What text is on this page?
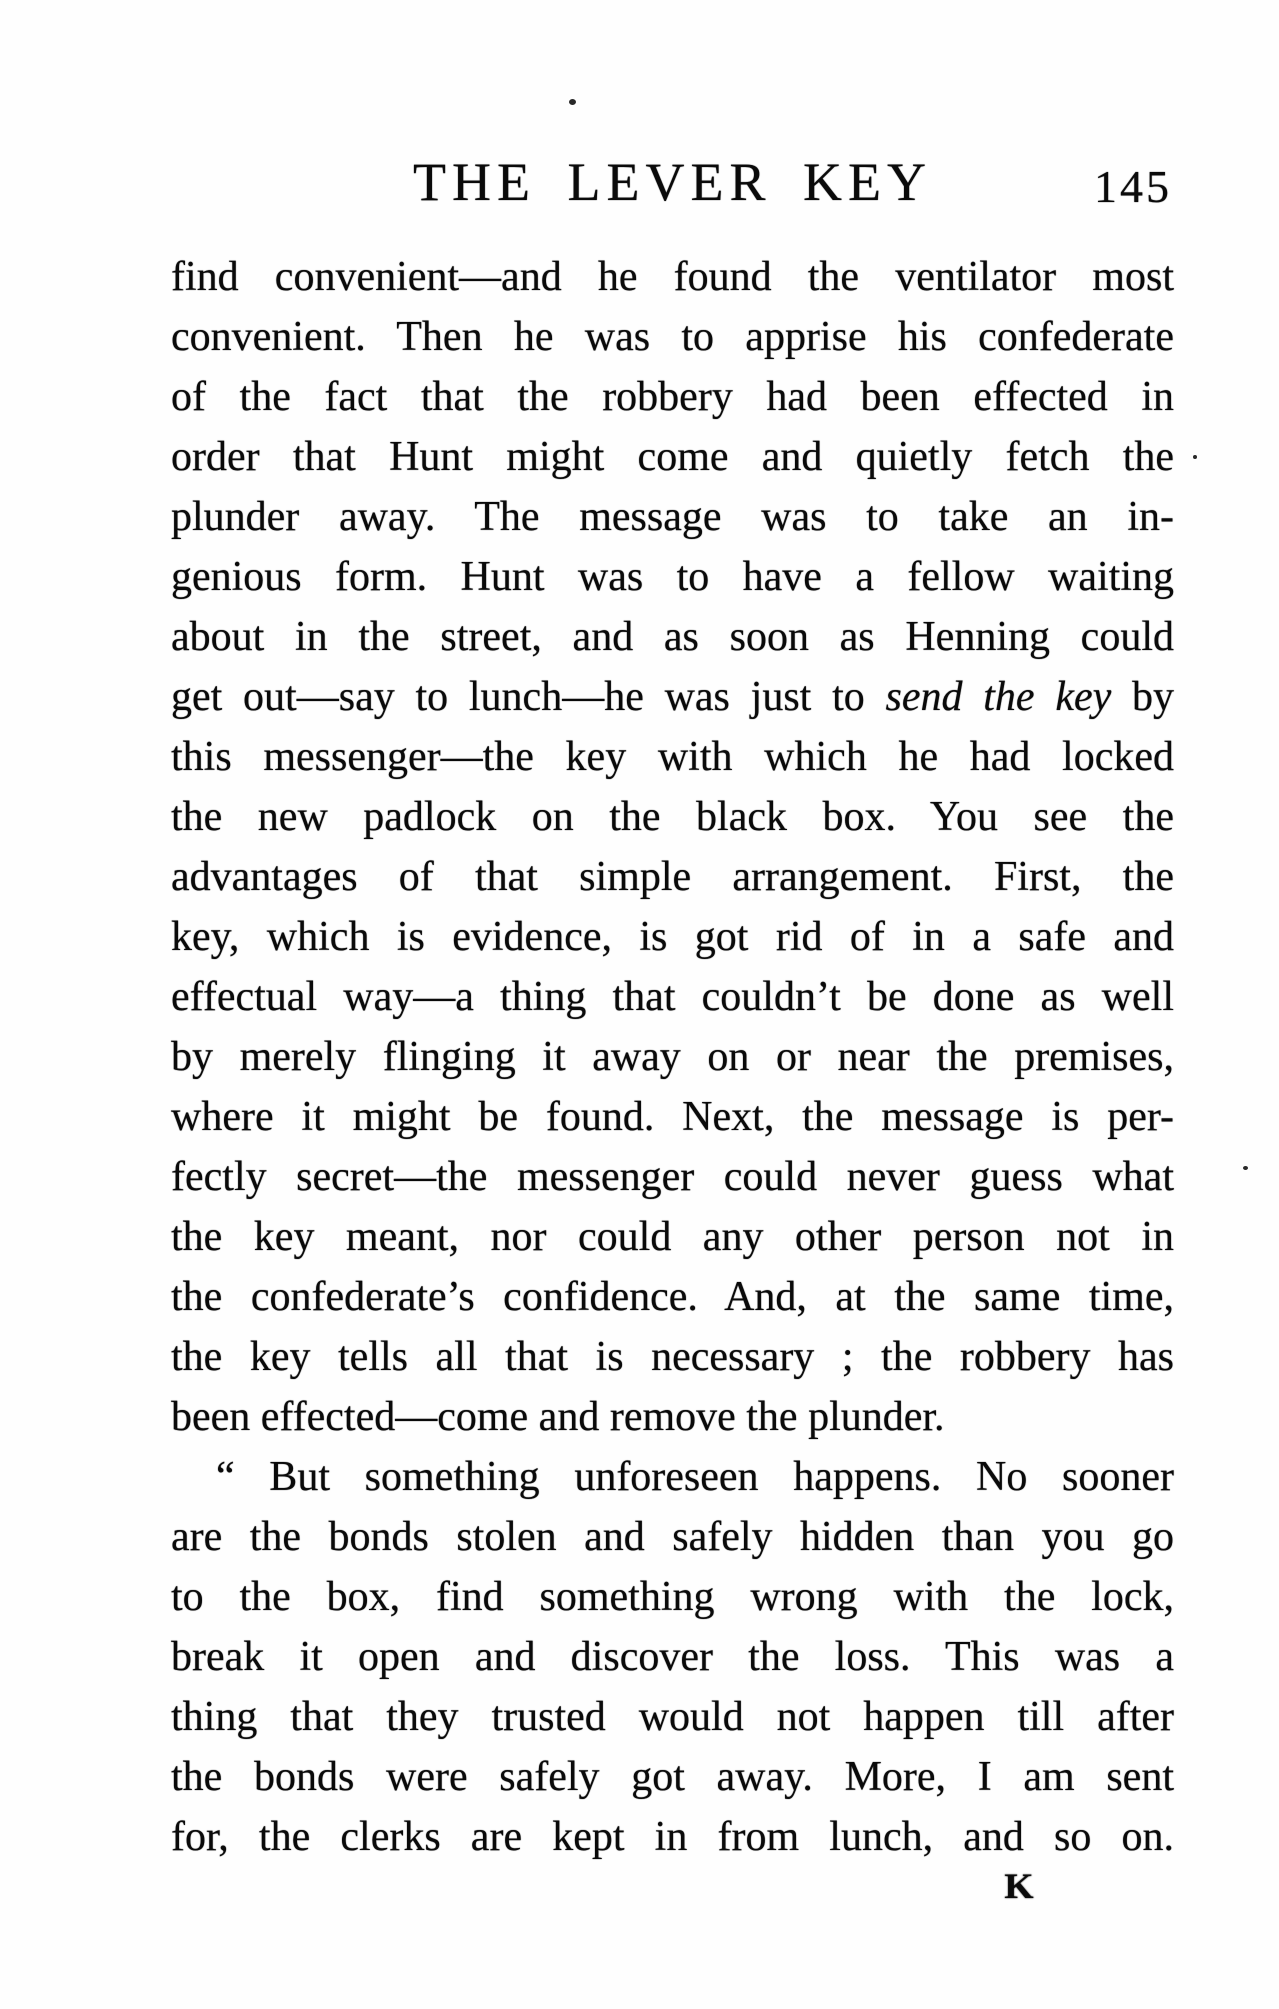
THE LEVER KEY	145
find convenient—and he found the ventilator most
convenient. Then he was to apprise his confederate
of the fact that the robbery had been effected in
order that Hunt might come and quietly fetch the
plunder away. The message was to take an in-
genious form. Hunt was to have a fellow waiting
about in the street, and as soon as Henning could
get out—say to lunch—he was just to send the key by
this messenger—the key with which he had locked
the new padlock on the black box. You see the
advantages of that simple arrangement. First, the
key, which is evidence, is got rid of in a safe and
effectual way—a thing that couldn’t be done as well
by merely flinging it away on or near the premises,
where it might be found. Next, the message is per-
fectly secret—the messenger could never guess what
the key meant, nor could any other person not in
the confederate’s confidence. And, at the same time,
the key tells all that is necessary ; the robbery has
been effected—come and remove the plunder.
“ But something unforeseen happens. No sooner
are the bonds stolen and safely hidden than you go
to the box, find something wrong with the lock,
break it open and discover the loss. This was a
thing that they trusted would not happen till after
the bonds were safely got away. More, I am sent
for, the clerks are kept in from lunch, and so on.
K
